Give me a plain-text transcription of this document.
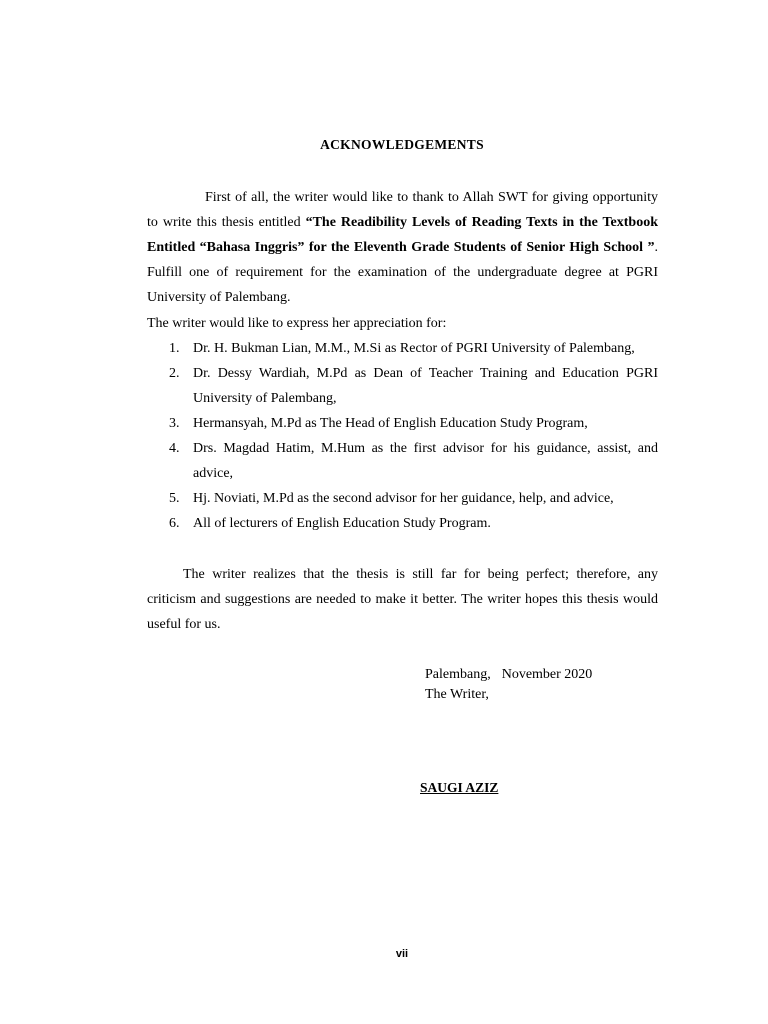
ACKNOWLEDGEMENTS

First of all, the writer would like to thank to Allah SWT for giving opportunity to write this thesis entitled “The Readibility Levels of Reading Texts in the Textbook Entitled “Bahasa Inggris” for the Eleventh Grade Students of Senior High School ”. Fulfill one of requirement for the examination of the undergraduate degree at PGRI University of Palembang.

The writer would like to express her appreciation for:

1. Dr. H. Bukman Lian, M.M., M.Si as Rector of PGRI University of Palembang,
2. Dr. Dessy Wardiah, M.Pd as Dean of Teacher Training and Education PGRI University of Palembang,
3. Hermansyah, M.Pd as The Head of English Education Study Program,
4. Drs. Magdad Hatim, M.Hum as the first advisor for his guidance, assist, and advice,
5. Hj. Noviati, M.Pd as the second advisor for her guidance, help, and advice,
6. All of lecturers of English Education Study Program.

The writer realizes that the thesis is still far for being perfect; therefore, any criticism and suggestions are needed to make it better. The writer hopes this thesis would useful for us.

Palembang, November 2020
The Writer,
SAUGI AZIZ
vii
